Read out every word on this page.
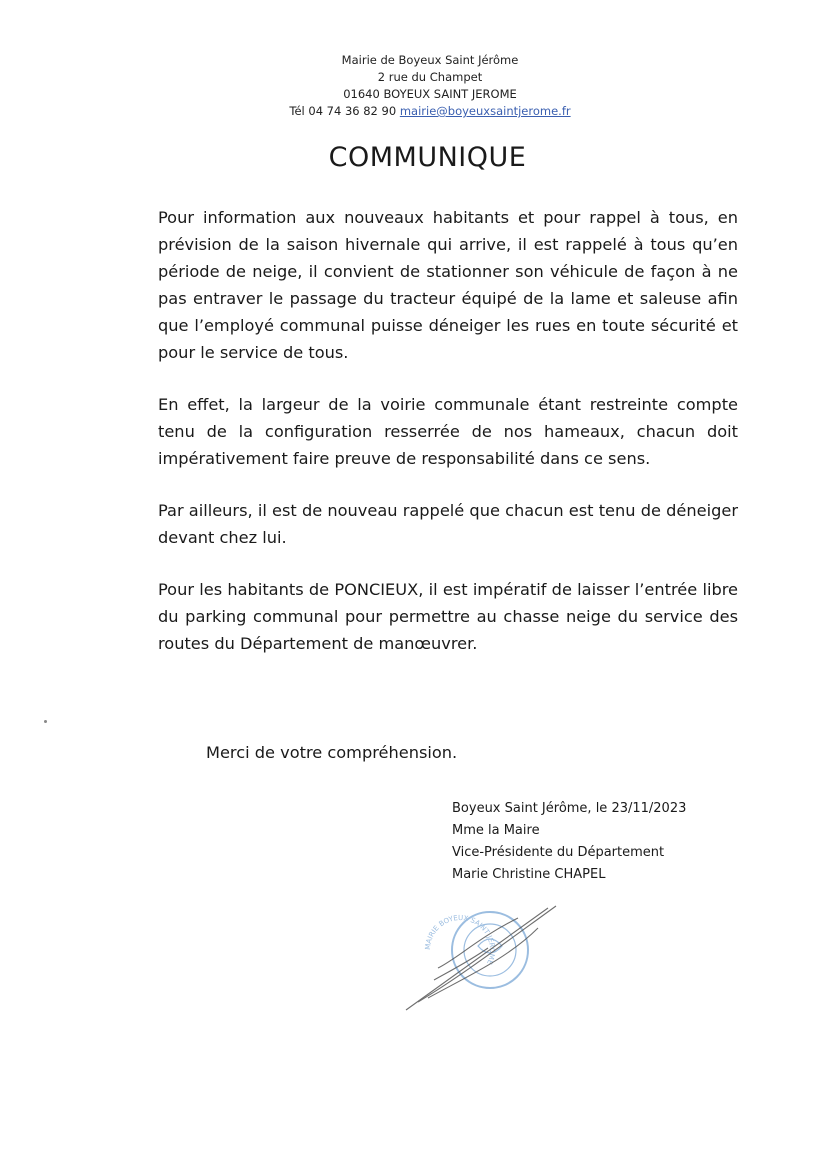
Mairie de Boyeux Saint Jérôme
2 rue du Champet
01640 BOYEUX SAINT JEROME
Tél 04 74 36 82 90 mairie@boyeuxsaintjerome.fr
COMMUNIQUE

Pour information aux nouveaux habitants et pour rappel à tous, en prévision de la saison hivernale qui arrive, il est rappelé à tous qu’en période de neige, il convient de stationner son véhicule de façon à ne pas entraver le passage du tracteur équipé de la lame et saleuse afin que l’employé communal puisse déneiger les rues en toute sécurité et pour le service de tous.

En effet, la largeur de la voirie communale étant restreinte compte tenu de la configuration resserrée de nos hameaux, chacun doit impérativement faire preuve de responsabilité dans ce sens.

Par ailleurs, il est de nouveau rappelé que chacun est tenu de déneiger devant chez lui.

Pour les habitants de PONCIEUX, il est impératif de laisser l’entrée libre du parking communal pour permettre au chasse neige du service des routes du Département de manœuvrer.

Merci de votre compréhension.
Boyeux Saint Jérôme, le 23/11/2023
Mme la Maire
Vice-Présidente du Département
Marie Christine CHAPEL
MAIRIE BOYEUX SAINT JEROME
